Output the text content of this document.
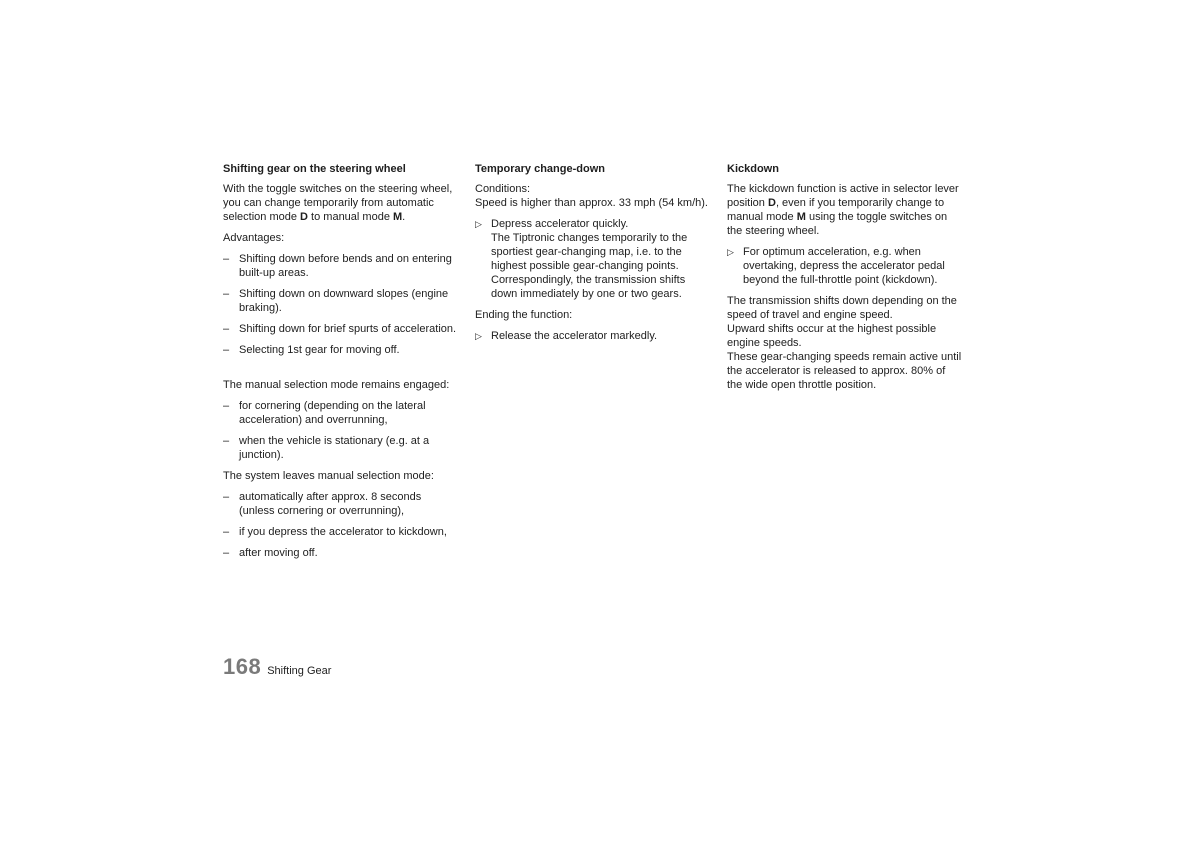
Shifting gear on the steering wheel

With the toggle switches on the steering wheel, you can change temporarily from automatic selection mode D to manual mode M.

Advantages:

– Shifting down before bends and on entering built-up areas.
– Shifting down on downward slopes (engine braking).
– Shifting down for brief spurts of acceleration.
– Selecting 1st gear for moving off.

The manual selection mode remains engaged:

– for cornering (depending on the lateral acceleration) and overrunning,
– when the vehicle is stationary (e.g. at a junction).

The system leaves manual selection mode:

– automatically after approx. 8 seconds (unless cornering or overrunning),
– if you depress the accelerator to kickdown,
– after moving off.
Temporary change-down

Conditions:
Speed is higher than approx. 33 mph (54 km/h).

▷ Depress accelerator quickly.
The Tiptronic changes temporarily to the sportiest gear-changing map, i.e. to the highest possible gear-changing points. Correspondingly, the transmission shifts down immediately by one or two gears.

Ending the function:

▷ Release the accelerator markedly.
Kickdown

The kickdown function is active in selector lever position D, even if you temporarily change to manual mode M using the toggle switches on the steering wheel.

▷ For optimum acceleration, e.g. when overtaking, depress the accelerator pedal beyond the full-throttle point (kickdown).

The transmission shifts down depending on the speed of travel and engine speed.
Upward shifts occur at the highest possible engine speeds.
These gear-changing speeds remain active until the accelerator is released to approx. 80% of the wide open throttle position.

168 Shifting Gear
